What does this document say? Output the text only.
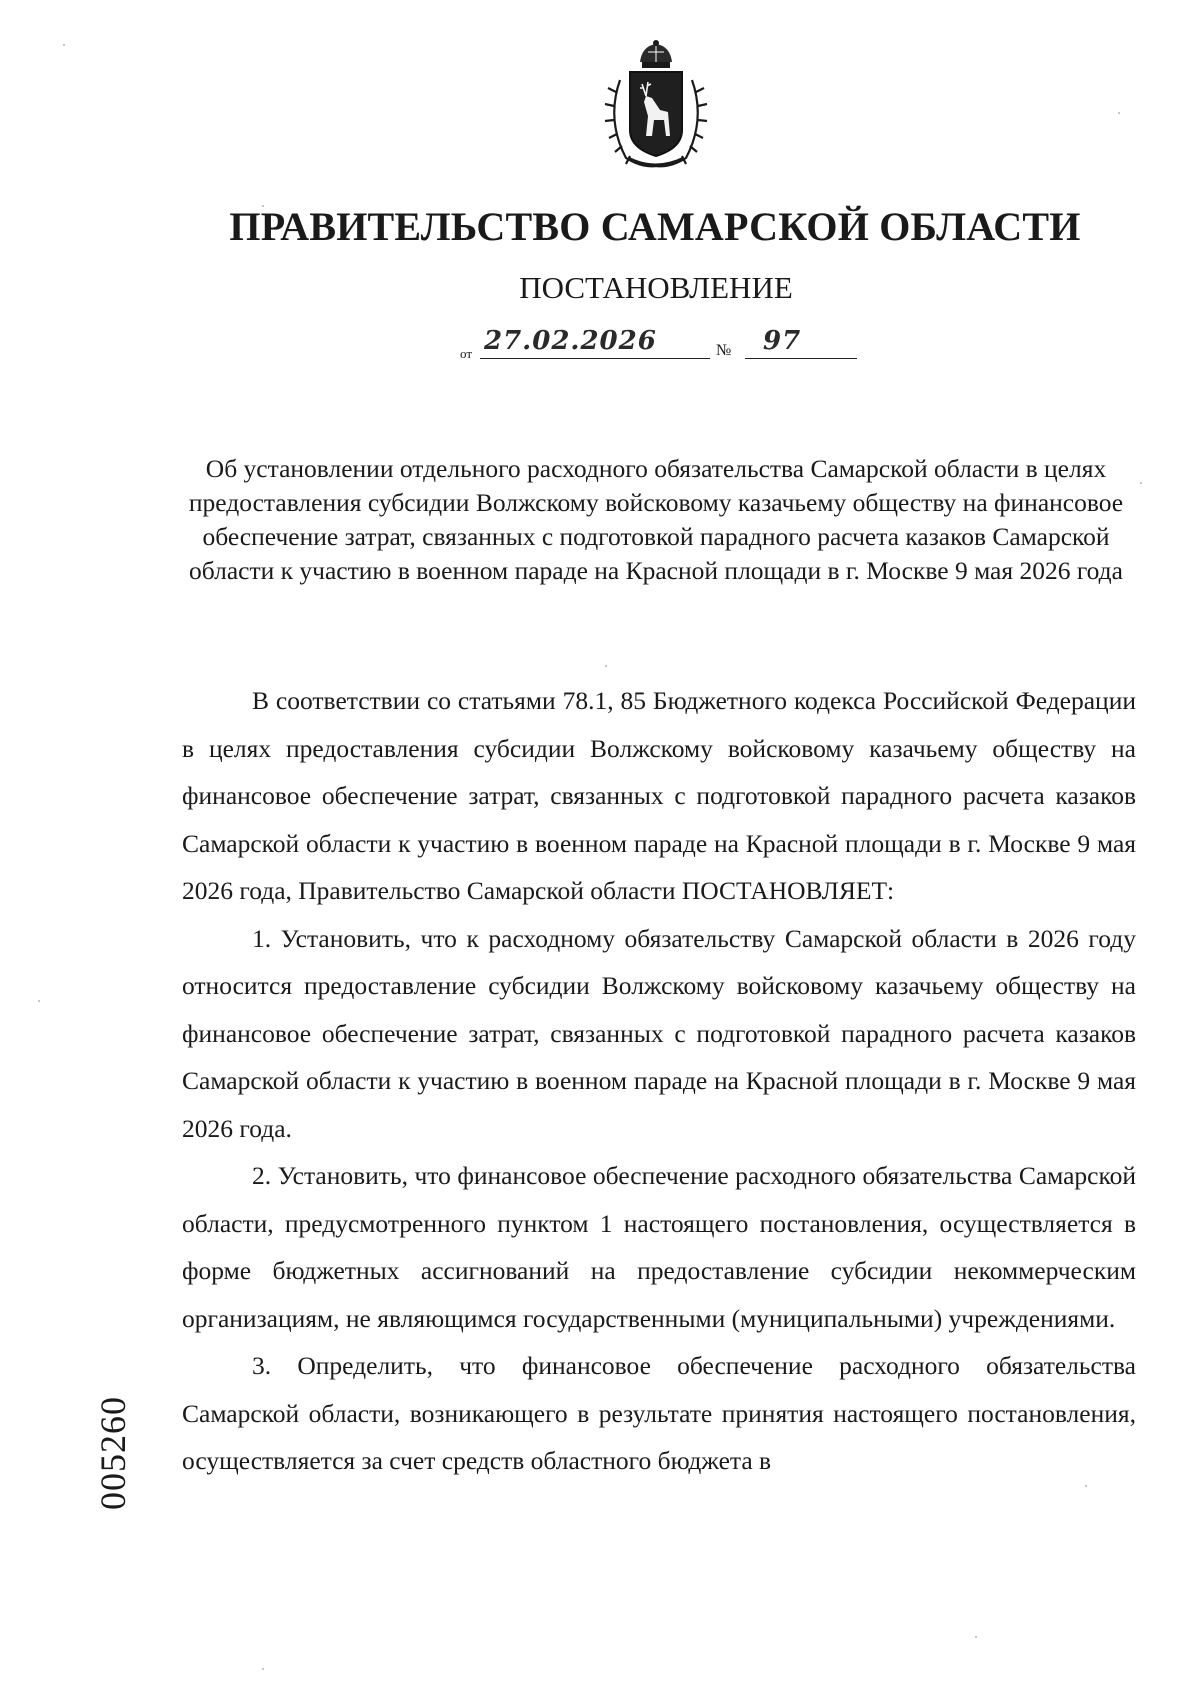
ПРАВИТЕЛЬСТВО САМАРСКОЙ ОБЛАСТИ
ПОСТАНОВЛЕНИЕ
от 27.02.2026	№ 97
Об установлении отдельного расходного обязательства Самарской области в целях предоставления субсидии Волжскому войсковому казачьему обществу на финансовое обеспечение затрат, связанных с подготовкой парадного расчета казаков Самарской области к участию в военном параде на Красной площади в г. Москве 9 мая 2026 года

В соответствии со статьями 78.1, 85 Бюджетного кодекса Российской Федерации в целях предоставления субсидии Волжскому войсковому казачьему обществу на финансовое обеспечение затрат, связанных с подготовкой парадного расчета казаков Самарской области к участию в военном параде на Красной площади в г. Москве 9 мая 2026 года, Правительство Самарской области ПОСТАНОВЛЯЕТ:

1. Установить, что к расходному обязательству Самарской области в 2026 году относится предоставление субсидии Волжскому войсковому казачьему обществу на финансовое обеспечение затрат, связанных с подготовкой парадного расчета казаков Самарской области к участию в военном параде на Красной площади в г. Москве 9 мая 2026 года.

2. Установить, что финансовое обеспечение расходного обязательства Самарской области, предусмотренного пунктом 1 настоящего постановления, осуществляется в форме бюджетных ассигнований на предоставление субсидии некоммерческим организациям, не являющимся государственными (муниципальными) учреждениями.

3. Определить, что финансовое обеспечение расходного обязательства Самарской области, возникающего в результате принятия настоящего постановления, осуществляется за счет средств областного бюджета в

005260
